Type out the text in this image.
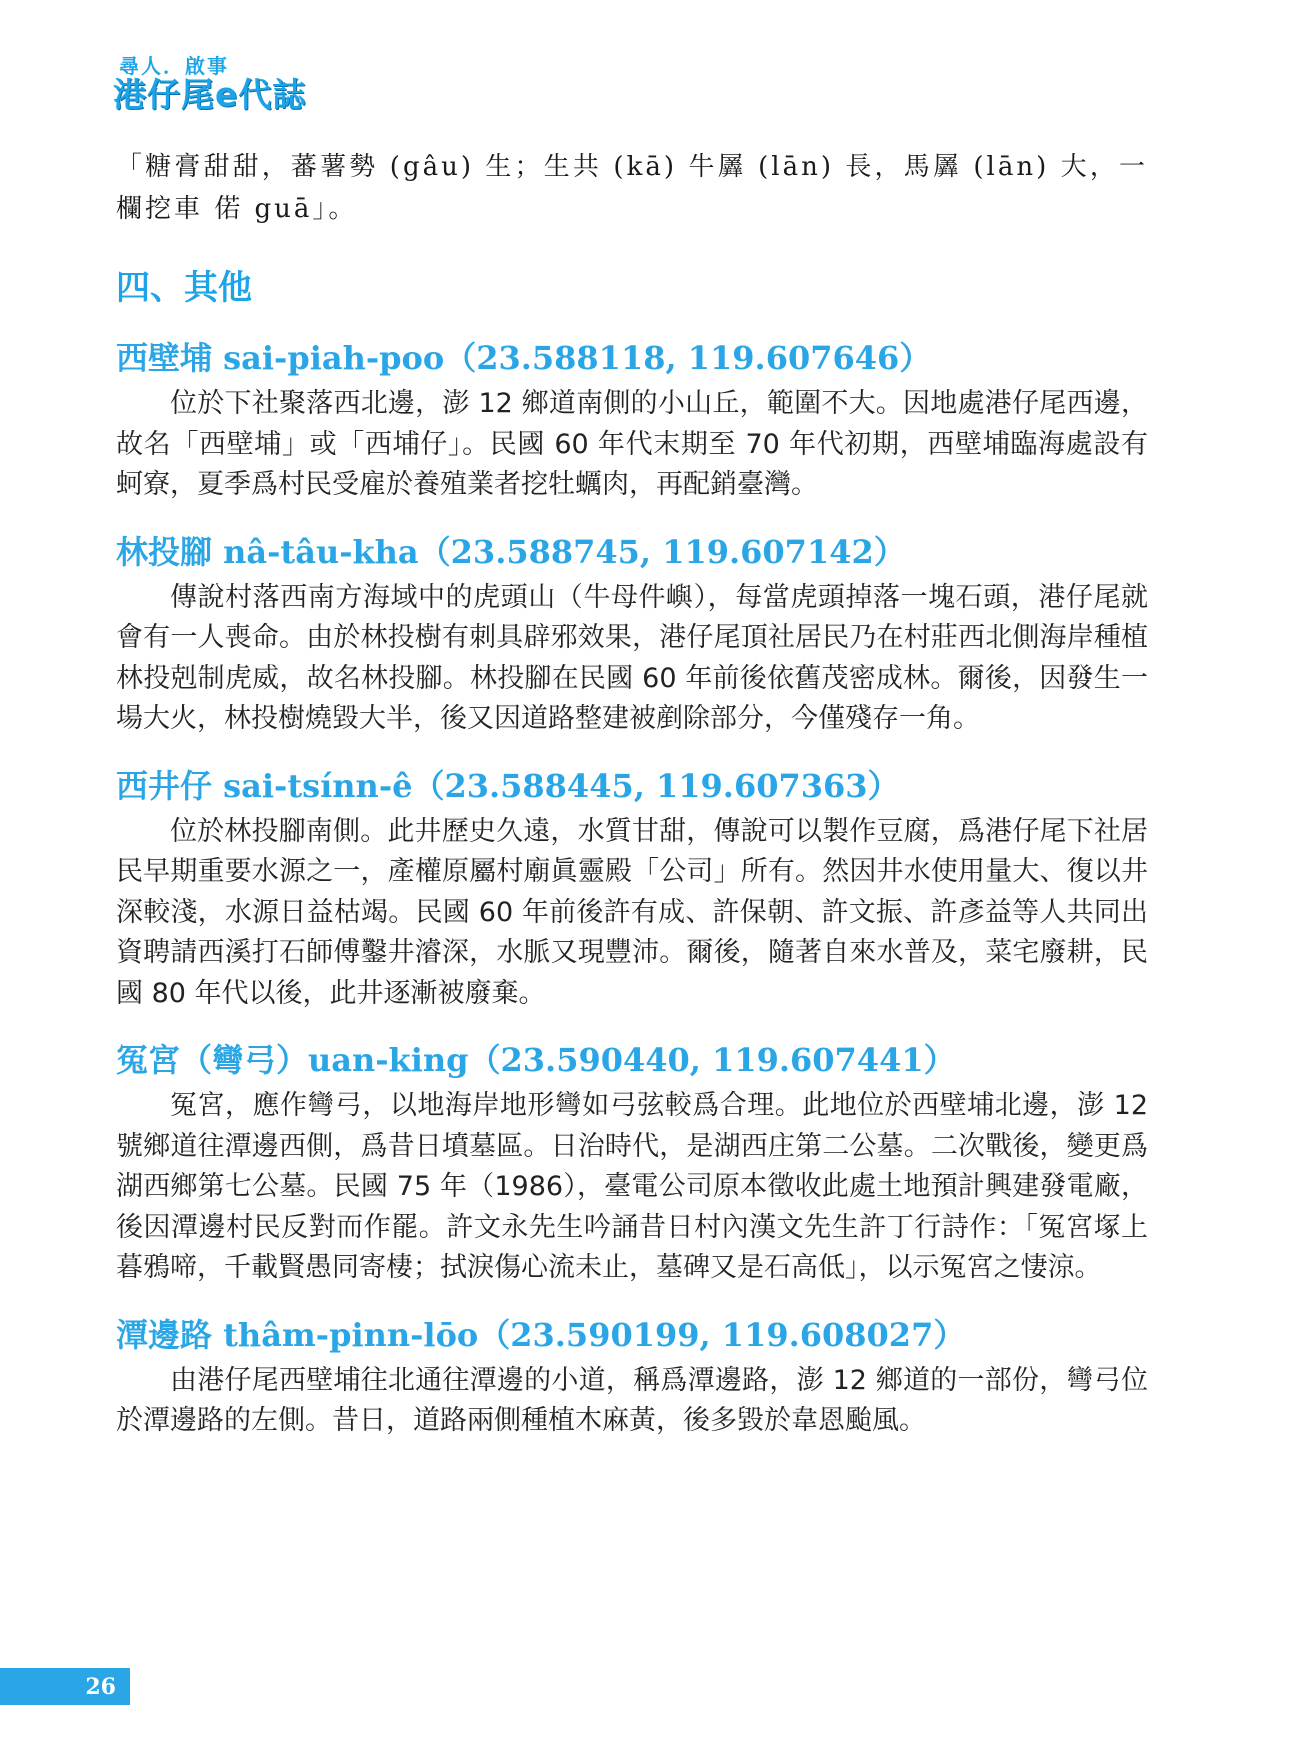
尋人．啟事
港仔尾e代誌

「糖膏甜甜，蕃薯勢 (gâu) 生；生共 (kā) 牛羼 (lān) 長，馬羼 (lān) 大，一欄挖車 偌 guā」。

四、其他
西壁埔 sai-piah-poo（23.588118, 119.607646）

位於下社聚落西北邊，澎 12 鄉道南側的小山丘，範圍不大。因地處港仔尾西邊，故名「西壁埔」或「西埔仔」。民國 60 年代末期至 70 年代初期，西壁埔臨海處設有蚵寮，夏季爲村民受雇於養殖業者挖牡蠣肉，再配銷臺灣。

林投腳 nâ-tâu-kha（23.588745, 119.607142）

傳說村落西南方海域中的虎頭山（牛母件嶼），每當虎頭掉落一塊石頭，港仔尾就會有一人喪命。由於林投樹有刺具辟邪效果，港仔尾頂社居民乃在村莊西北側海岸種植林投剋制虎威，故名林投腳。林投腳在民國 60 年前後依舊茂密成林。爾後，因發生一場大火，林投樹燒毀大半，後又因道路整建被剷除部分，今僅殘存一角。

西井仔 sai-tsínn-ê（23.588445, 119.607363）

位於林投腳南側。此井歷史久遠，水質甘甜，傳說可以製作豆腐，爲港仔尾下社居民早期重要水源之一，產權原屬村廟眞靈殿「公司」所有。然因井水使用量大、復以井深較淺，水源日益枯竭。民國 60 年前後許有成、許保朝、許文振、許彥益等人共同出資聘請西溪打石師傅鑿井濬深，水脈又現豐沛。爾後，隨著自來水普及，菜宅廢耕，民國 80 年代以後，此井逐漸被廢棄。

冤宮（彎弓）uan-king（23.590440, 119.607441）

冤宮，應作彎弓，以地海岸地形彎如弓弦較爲合理。此地位於西壁埔北邊，澎 12 號鄉道往潭邊西側，爲昔日墳墓區。日治時代，是湖西庄第二公墓。二次戰後，變更爲湖西鄉第七公墓。民國 75 年（1986），臺電公司原本徵收此處土地預計興建發電廠，後因潭邊村民反對而作罷。許文永先生吟誦昔日村內漢文先生許丁行詩作：「冤宮塚上暮鴉啼，千載賢愚同寄棲；拭淚傷心流未止，墓碑又是石高低」，以示冤宮之悽涼。

潭邊路 thâm-pinn-lōo（23.590199, 119.608027）

由港仔尾西壁埔往北通往潭邊的小道，稱爲潭邊路，澎 12 鄉道的一部份，彎弓位於潭邊路的左側。昔日，道路兩側種植木麻黃，後多毀於韋恩颱風。

26
